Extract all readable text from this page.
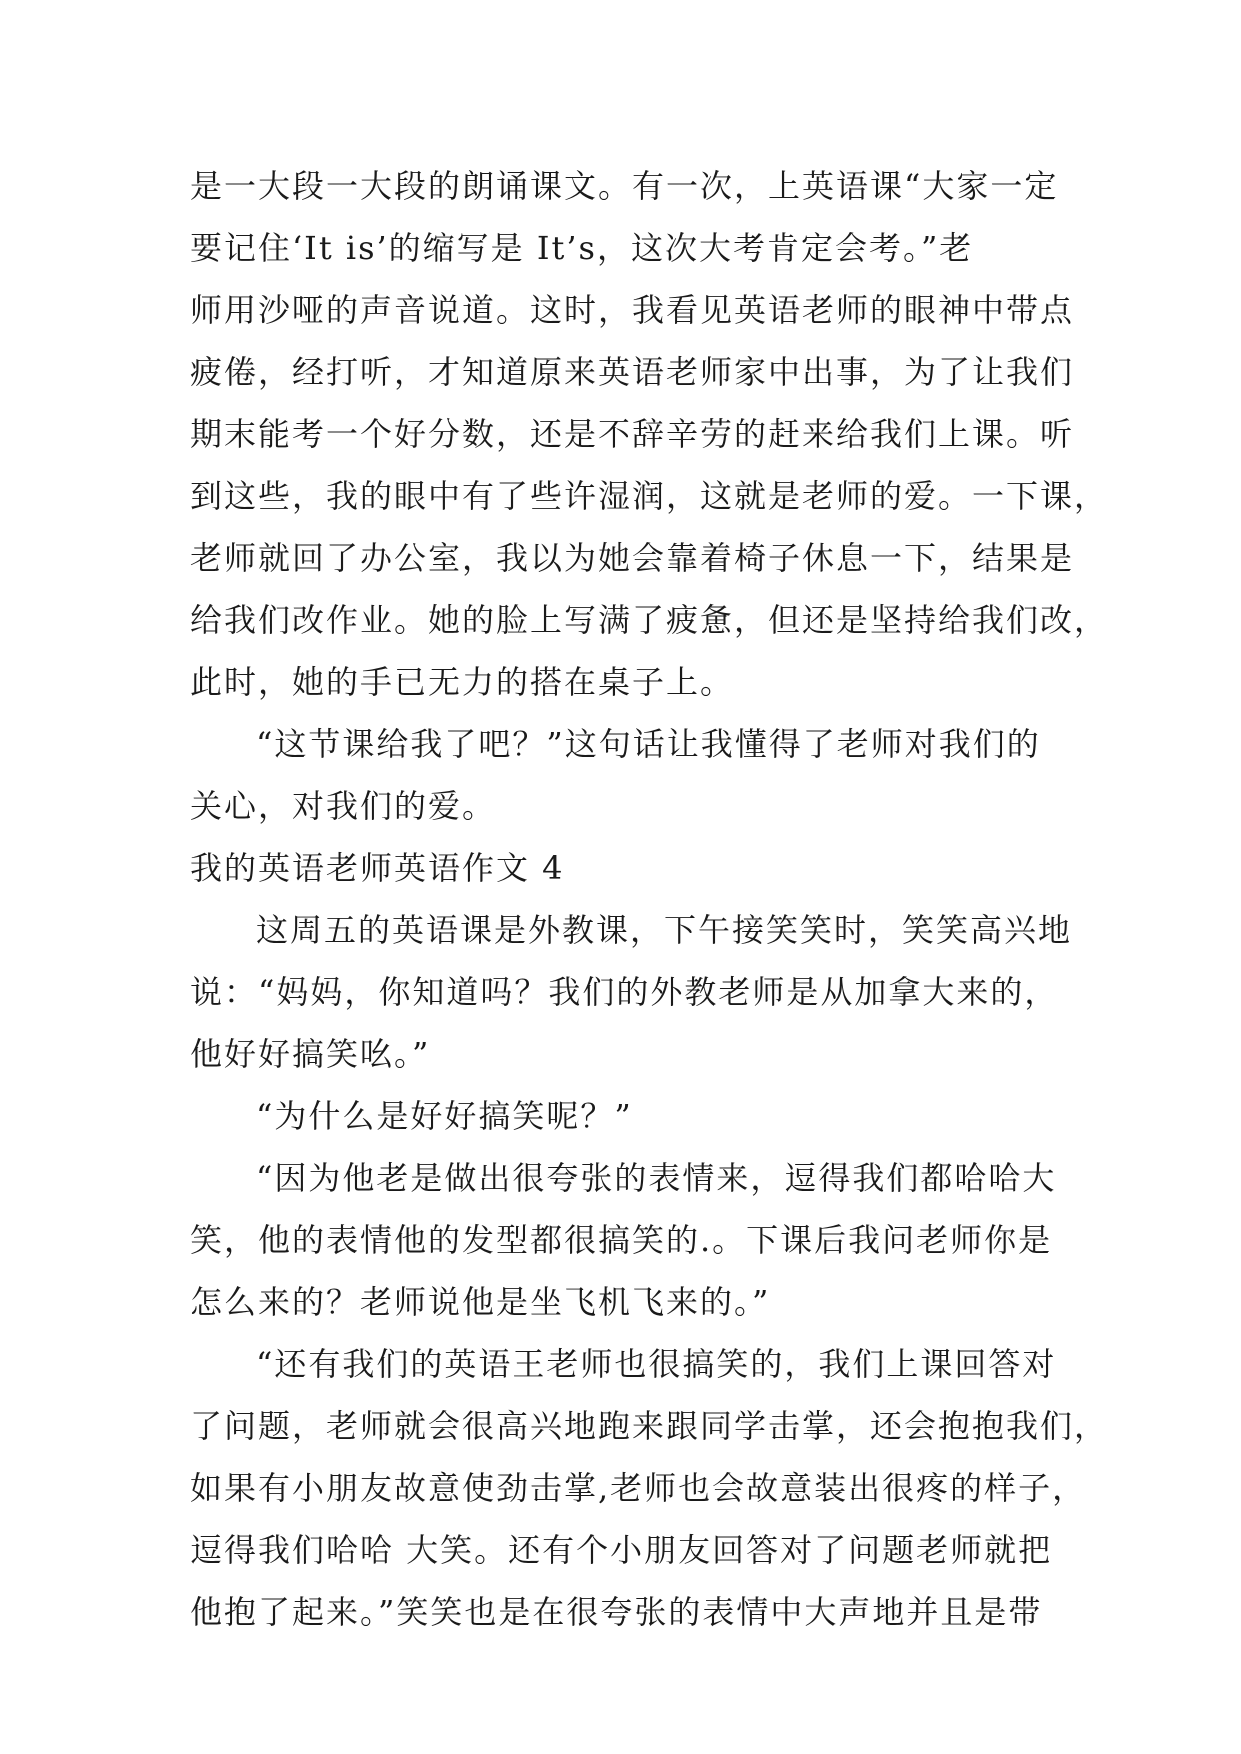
是一大段一大段的朗诵课文。有一次，上英语课“大家一定
要记住‘It is’的缩写是 It’s，这次大考肯定会考。”老
师用沙哑的声音说道。这时，我看见英语老师的眼神中带点
疲倦，经打听，才知道原来英语老师家中出事，为了让我们
期末能考一个好分数，还是不辞辛劳的赶来给我们上课。听
到这些，我的眼中有了些许湿润，这就是老师的爱。一下课，
老师就回了办公室，我以为她会靠着椅子休息一下，结果是
给我们改作业。她的脸上写满了疲惫，但还是坚持给我们改，
此时，她的手已无力的搭在桌子上。
“这节课给我了吧？”这句话让我懂得了老师对我们的
关心，对我们的爱。
我的英语老师英语作文 4
这周五的英语课是外教课，下午接笑笑时，笑笑高兴地
说：“妈妈，你知道吗？我们的外教老师是从加拿大来的，
他好好搞笑吆。”
“为什么是好好搞笑呢？”
“因为他老是做出很夸张的表情来，逗得我们都哈哈大
笑，他的表情他的发型都很搞笑的.。下课后我问老师你是
怎么来的？老师说他是坐飞机飞来的。”
“还有我们的英语王老师也很搞笑的，我们上课回答对
了问题，老师就会很高兴地跑来跟同学击掌，还会抱抱我们，
如果有小朋友故意使劲击掌,老师也会故意装出很疼的样子，
逗得我们哈哈 大笑。还有个小朋友回答对了问题老师就把
他抱了起来。”笑笑也是在很夸张的表情中大声地并且是带
